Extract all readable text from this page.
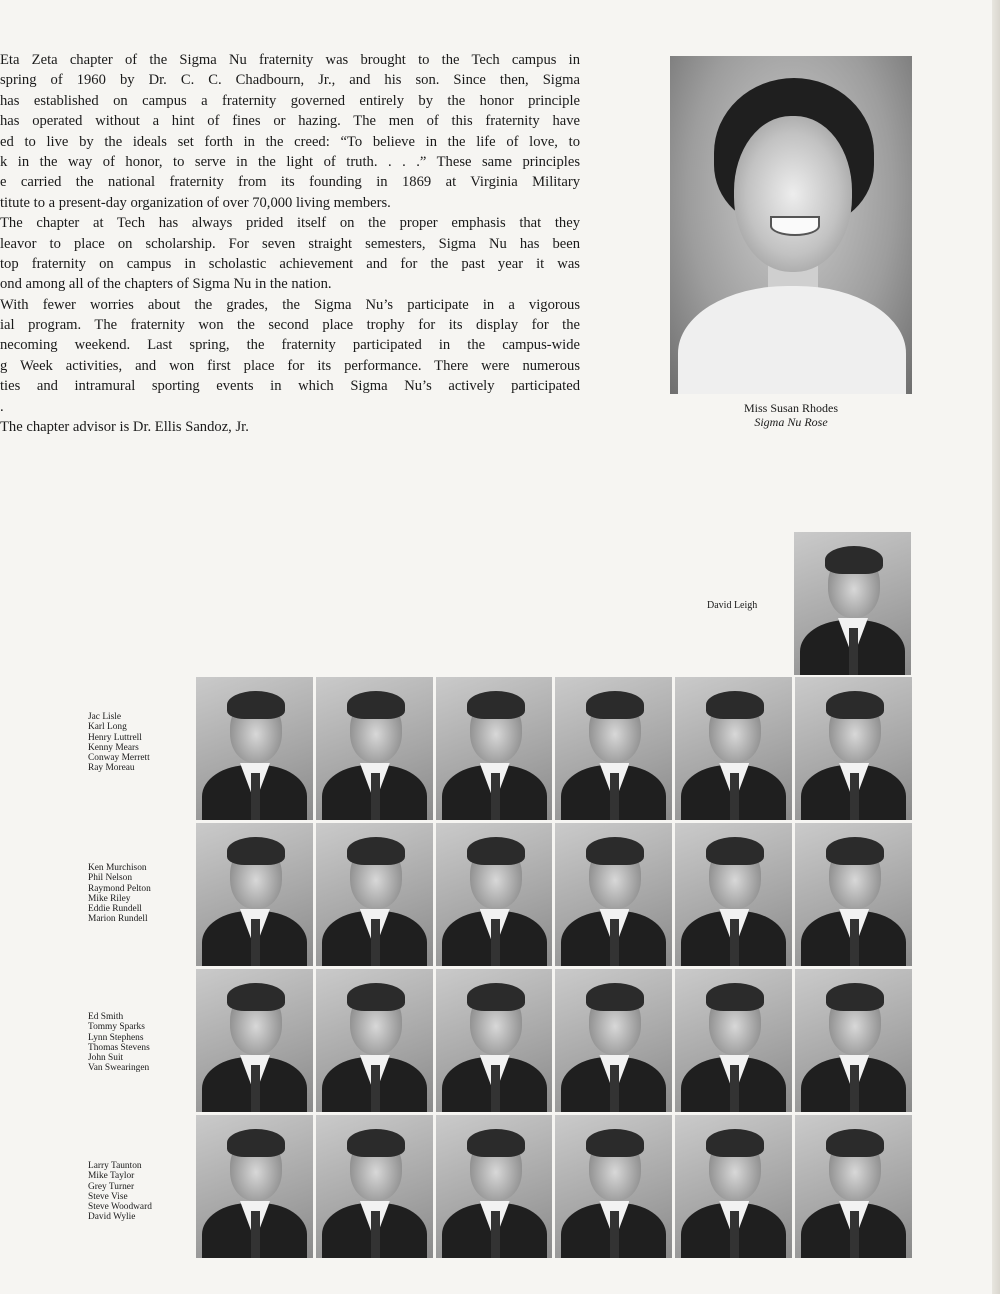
Eta Zeta chapter of the Sigma Nu fraternity was brought to the Tech campus in
spring of 1960 by Dr. C. C. Chadbourn, Jr., and his son. Since then, Sigma
has established on campus a fraternity governed entirely by the honor principle
has operated without a hint of fines or hazing. The men of this fraternity have
ed to live by the ideals set forth in the creed: “To believe in the life of love, to
k in the way of honor, to serve in the light of truth. . . .” These same principles
e carried the national fraternity from its founding in 1869 at Virginia Military
titute to a present-day organization of over 70,000 living members.
The chapter at Tech has always prided itself on the proper emphasis that they
leavor to place on scholarship. For seven straight semesters, Sigma Nu has been
top fraternity on campus in scholastic achievement and for the past year it was
ond among all of the chapters of Sigma Nu in the nation.
With fewer worries about the grades, the Sigma Nu’s participate in a vigorous
ial program. The fraternity won the second place trophy for its display for the
necoming weekend. Last spring, the fraternity participated in the campus-wide
g Week activities, and won first place for its performance. There were numerous
ties and intramural sporting events in which Sigma Nu’s actively participated
.
The chapter advisor is Dr. Ellis Sandoz, Jr.
Miss Susan Rhodes
Sigma Nu Rose
David Leigh
Jac Lisle
Karl Long
Henry Luttrell
Kenny Mears
Conway Merrett
Ray Moreau
Ken Murchison
Phil Nelson
Raymond Pelton
Mike Riley
Eddie Rundell
Marion Rundell
Ed Smith
Tommy Sparks
Lynn Stephens
Thomas Stevens
John Suit
Van Swearingen
Larry Taunton
Mike Taylor
Grey Turner
Steve Vise
Steve Woodward
David Wylie
